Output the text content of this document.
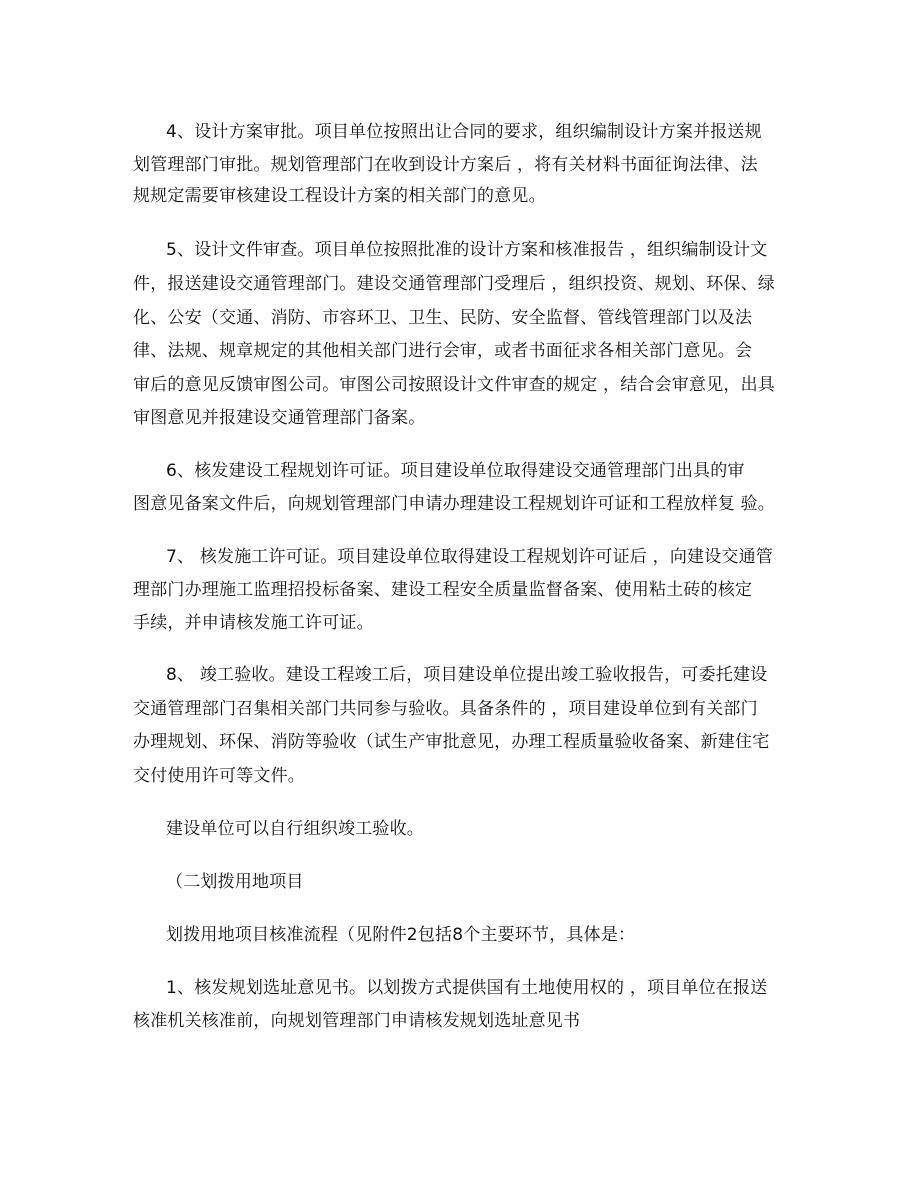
4、设计方案审批。项目单位按照出让合同的要求，组织编制设计方案并报送规
划管理部门审批。规划管理部门在收到设计方案后 ，将有关材料书面征询法律、法
规规定需要审核建设工程设计方案的相关部门的意见。
5、设计文件审查。项目单位按照批准的设计方案和核准报告 ，组织编制设计文
件，报送建设交通管理部门。建设交通管理部门受理后 ，组织投资、规划、环保、绿
化、公安（交通、消防、市容环卫、卫生、民防、安全监督、管线管理部门以及法
律、法规、规章规定的其他相关部门进行会审，或者书面征求各相关部门意见。会
审后的意见反馈审图公司。审图公司按照设计文件审查的规定 ，结合会审意见，出具
审图意见并报建设交通管理部门备案。
6、核发建设工程规划许可证。项目建设单位取得建设交通管理部门出具的审
图意见备案文件后，向规划管理部门申请办理建设工程规划许可证和工程放样复 验。
7、 核发施工许可证。项目建设单位取得建设工程规划许可证后 ，向建设交通管
理部门办理施工监理招投标备案、建设工程安全质量监督备案、使用粘土砖的核定
手续，并申请核发施工许可证。
8、 竣工验收。建设工程竣工后，项目建设单位提出竣工验收报告，可委托建设
交通管理部门召集相关部门共同参与验收。具备条件的 ，项目建设单位到有关部门
办理规划、环保、消防等验收（试生产审批意见，办理工程质量验收备案、新建住宅
交付使用许可等文件。
建设单位可以自行组织竣工验收。
（二划拨用地项目
划拨用地项目核准流程（见附件2包括8个主要环节，具体是：
1、核发规划选址意见书。以划拨方式提供国有土地使用权的 ，项目单位在报送
核准机关核准前，向规划管理部门申请核发规划选址意见书
